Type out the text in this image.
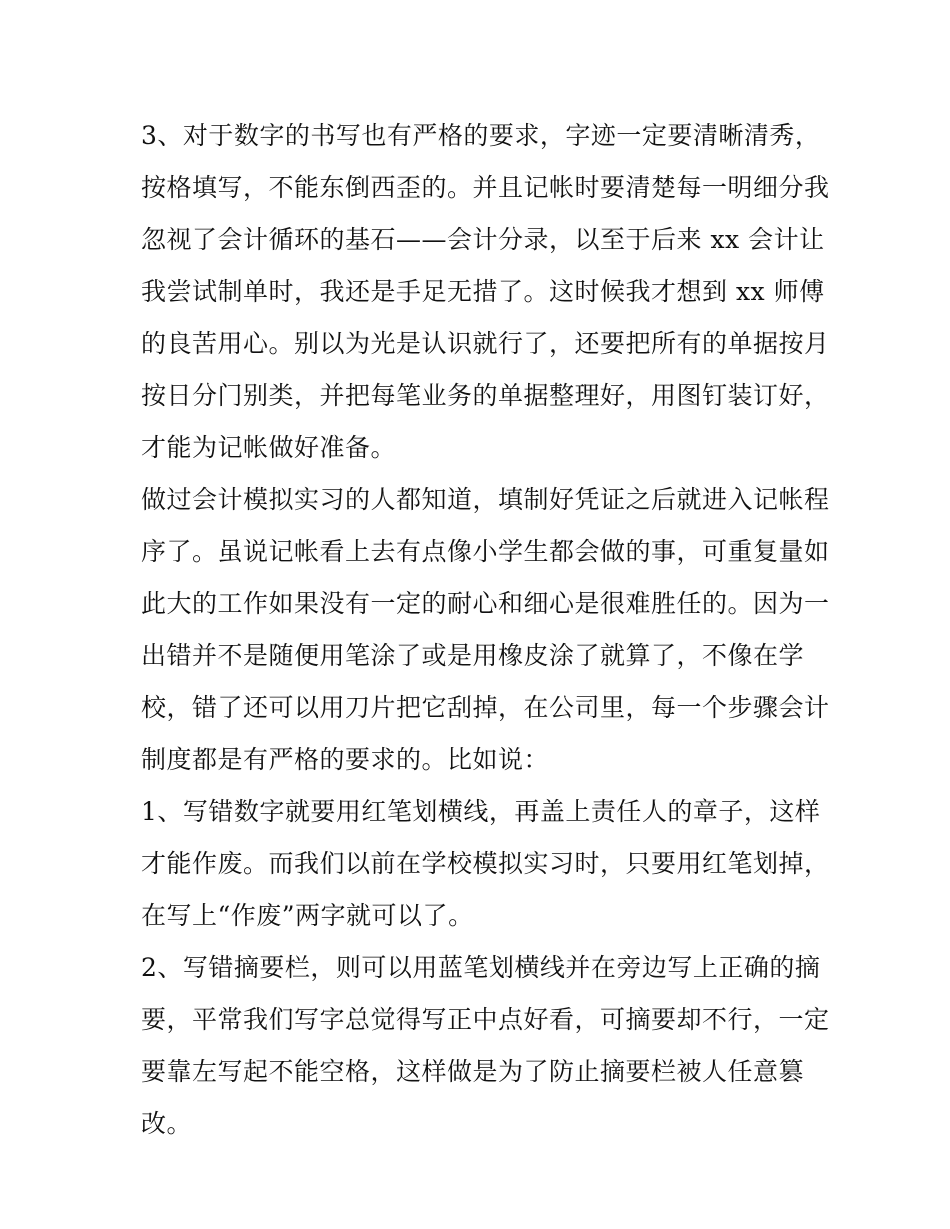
3、对于数字的书写也有严格的要求，字迹一定要清晰清秀，
按格填写，不能东倒西歪的。并且记帐时要清楚每一明细分我
忽视了会计循环的基石——会计分录，以至于后来 xx 会计让
我尝试制单时，我还是手足无措了。这时候我才想到 xx 师傅
的良苦用心。别以为光是认识就行了，还要把所有的单据按月
按日分门别类，并把每笔业务的单据整理好，用图钉装订好，
才能为记帐做好准备。
做过会计模拟实习的人都知道，填制好凭证之后就进入记帐程
序了。虽说记帐看上去有点像小学生都会做的事，可重复量如
此大的工作如果没有一定的耐心和细心是很难胜任的。因为一
出错并不是随便用笔涂了或是用橡皮涂了就算了，不像在学
校，错了还可以用刀片把它刮掉，在公司里，每一个步骤会计
制度都是有严格的要求的。比如说：
1、写错数字就要用红笔划横线，再盖上责任人的章子，这样
才能作废。而我们以前在学校模拟实习时，只要用红笔划掉，
在写上“作废”两字就可以了。
2、写错摘要栏，则可以用蓝笔划横线并在旁边写上正确的摘
要，平常我们写字总觉得写正中点好看，可摘要却不行，一定
要靠左写起不能空格，这样做是为了防止摘要栏被人任意篡
改。
